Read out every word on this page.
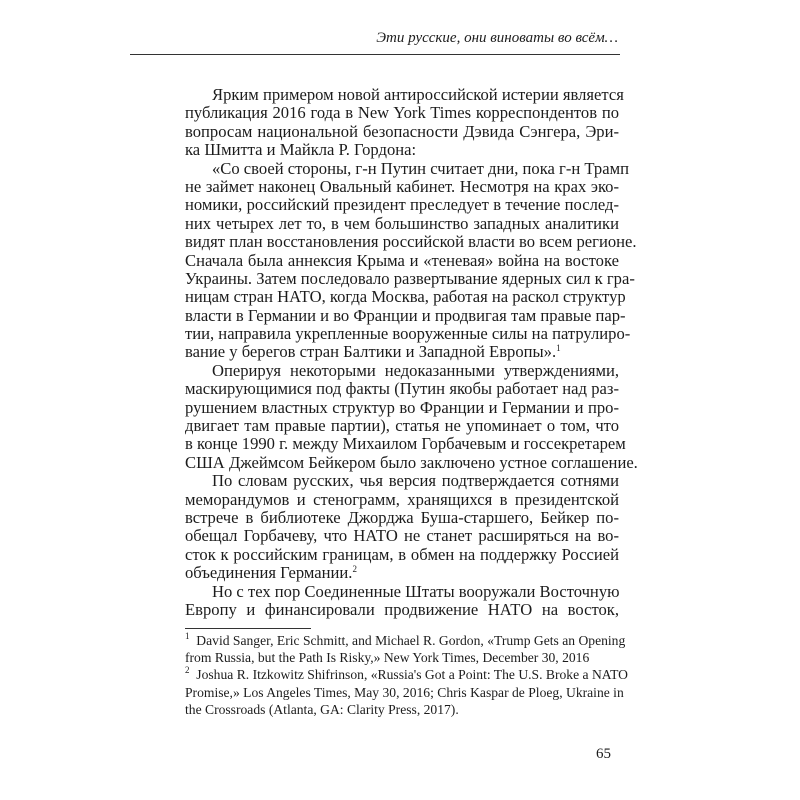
Эти русские, они виноваты во всём…
Ярким примером новой антироссийской истерии является
публикация 2016 года в New York Times корреспондентов по
вопросам национальной безопасности Дэвида Сэнгера, Эри-
ка Шмитта и Майкла Р. Гордона:
«Со своей стороны, г-н Путин считает дни, пока г-н Трамп
не займет наконец Овальный кабинет. Несмотря на крах эко-
номики, российский президент преследует в течение послед-
них четырех лет то, в чем большинство западных аналитики
видят план восстановления российской власти во всем регионе.
Сначала была аннексия Крыма и «теневая» война на востоке
Украины. Затем последовало развертывание ядерных сил к гра-
ницам стран НАТО, когда Москва, работая на раскол структур
власти в Германии и во Франции и продвигая там правые пар-
тии, направила укрепленные вооруженные силы на патрулиро-
вание у берегов стран Балтики и Западной Европы».$^1$
Оперируя некоторыми недоказанными утверждениями,
маскирующимися под факты (Путин якобы работает над раз-
рушением властных структур во Франции и Германии и про-
двигает там правые партии), статья не упоминает о том, что
в конце 1990 г. между Михаилом Горбачевым и госсекретарем
США Джеймсом Бейкером было заключено устное соглашение.
По словам русских, чья версия подтверждается сотнями
меморандумов и стенограмм, хранящихся в президентской
встрече в библиотеке Джорджа Буша-старшего, Бейкер по-
обещал Горбачеву, что НАТО не станет расширяться на во-
сток к российским границам, в обмен на поддержку Россией
объединения Германии.$^2$
Но с тех пор Соединенные Штаты вооружали Восточную
Европу и финансировали продвижение НАТО на восток,
$^1$  David Sanger, Eric Schmitt, and Michael R. Gordon, «Trump Gets an Opening
from Russia, but the Path Is Risky,» New York Times, December 30, 2016
$^2$  Joshua R. Itzkowitz Shifrinson, «Russia's Got a Point: The U.S. Broke a NATO
Promise,» Los Angeles Times, May 30, 2016; Chris Kaspar de Ploeg, Ukraine in
the Crossroads (Atlanta, GA: Clarity Press, 2017).
65
